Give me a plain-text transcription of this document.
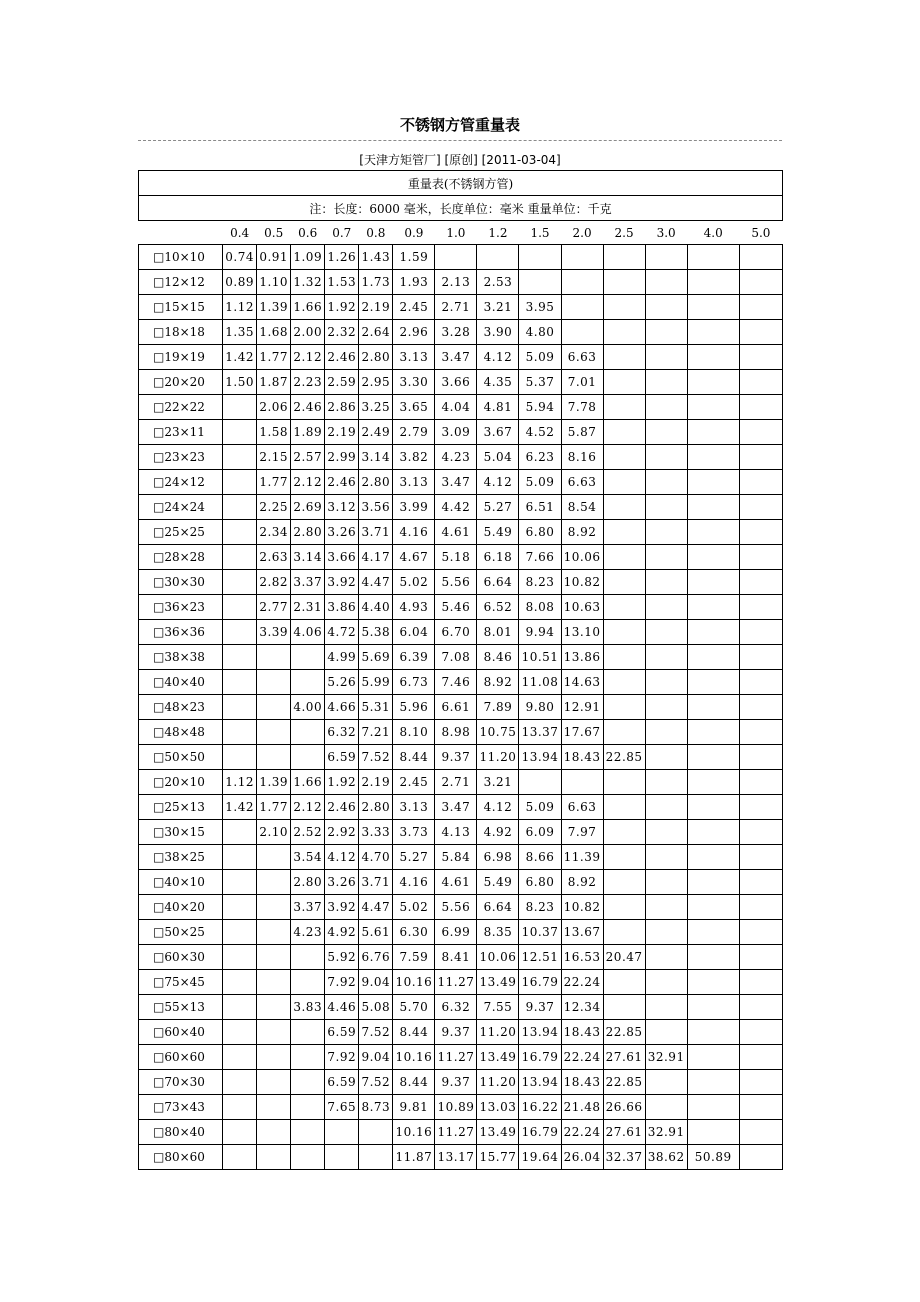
不锈钢方管重量表
[天津方矩管厂] [原创] [2011-03-04]
重量表(不锈钢方管)														
注：长度：6000 毫米，长度单位：毫米 重量单位：千克														
	0.4	0.5	0.6	0.7	0.8	0.9	1.0	1.2	1.5	2.0	2.5	3.0	4.0	5.0
□10×10	0.74	0.91	1.09	1.26	1.43	1.59								
□12×12	0.89	1.10	1.32	1.53	1.73	1.93	2.13	2.53						
□15×15	1.12	1.39	1.66	1.92	2.19	2.45	2.71	3.21	3.95					
□18×18	1.35	1.68	2.00	2.32	2.64	2.96	3.28	3.90	4.80					
□19×19	1.42	1.77	2.12	2.46	2.80	3.13	3.47	4.12	5.09	6.63				
□20×20	1.50	1.87	2.23	2.59	2.95	3.30	3.66	4.35	5.37	7.01				
□22×22		2.06	2.46	2.86	3.25	3.65	4.04	4.81	5.94	7.78				
□23×11		1.58	1.89	2.19	2.49	2.79	3.09	3.67	4.52	5.87				
□23×23		2.15	2.57	2.99	3.14	3.82	4.23	5.04	6.23	8.16				
□24×12		1.77	2.12	2.46	2.80	3.13	3.47	4.12	5.09	6.63				
□24×24		2.25	2.69	3.12	3.56	3.99	4.42	5.27	6.51	8.54				
□25×25		2.34	2.80	3.26	3.71	4.16	4.61	5.49	6.80	8.92				
□28×28		2.63	3.14	3.66	4.17	4.67	5.18	6.18	7.66	10.06				
□30×30		2.82	3.37	3.92	4.47	5.02	5.56	6.64	8.23	10.82				
□36×23		2.77	2.31	3.86	4.40	4.93	5.46	6.52	8.08	10.63				
□36×36		3.39	4.06	4.72	5.38	6.04	6.70	8.01	9.94	13.10				
□38×38				4.99	5.69	6.39	7.08	8.46	10.51	13.86				
□40×40				5.26	5.99	6.73	7.46	8.92	11.08	14.63				
□48×23			4.00	4.66	5.31	5.96	6.61	7.89	9.80	12.91				
□48×48				6.32	7.21	8.10	8.98	10.75	13.37	17.67				
□50×50				6.59	7.52	8.44	9.37	11.20	13.94	18.43	22.85			
□20×10	1.12	1.39	1.66	1.92	2.19	2.45	2.71	3.21						
□25×13	1.42	1.77	2.12	2.46	2.80	3.13	3.47	4.12	5.09	6.63				
□30×15		2.10	2.52	2.92	3.33	3.73	4.13	4.92	6.09	7.97				
□38×25			3.54	4.12	4.70	5.27	5.84	6.98	8.66	11.39				
□40×10			2.80	3.26	3.71	4.16	4.61	5.49	6.80	8.92				
□40×20			3.37	3.92	4.47	5.02	5.56	6.64	8.23	10.82				
□50×25			4.23	4.92	5.61	6.30	6.99	8.35	10.37	13.67				
□60×30				5.92	6.76	7.59	8.41	10.06	12.51	16.53	20.47			
□75×45				7.92	9.04	10.16	11.27	13.49	16.79	22.24				
□55×13			3.83	4.46	5.08	5.70	6.32	7.55	9.37	12.34				
□60×40				6.59	7.52	8.44	9.37	11.20	13.94	18.43	22.85			
□60×60				7.92	9.04	10.16	11.27	13.49	16.79	22.24	27.61	32.91		
□70×30				6.59	7.52	8.44	9.37	11.20	13.94	18.43	22.85			
□73×43				7.65	8.73	9.81	10.89	13.03	16.22	21.48	26.66			
□80×40						10.16	11.27	13.49	16.79	22.24	27.61	32.91		
□80×60						11.87	13.17	15.77	19.64	26.04	32.37	38.62	50.89	
